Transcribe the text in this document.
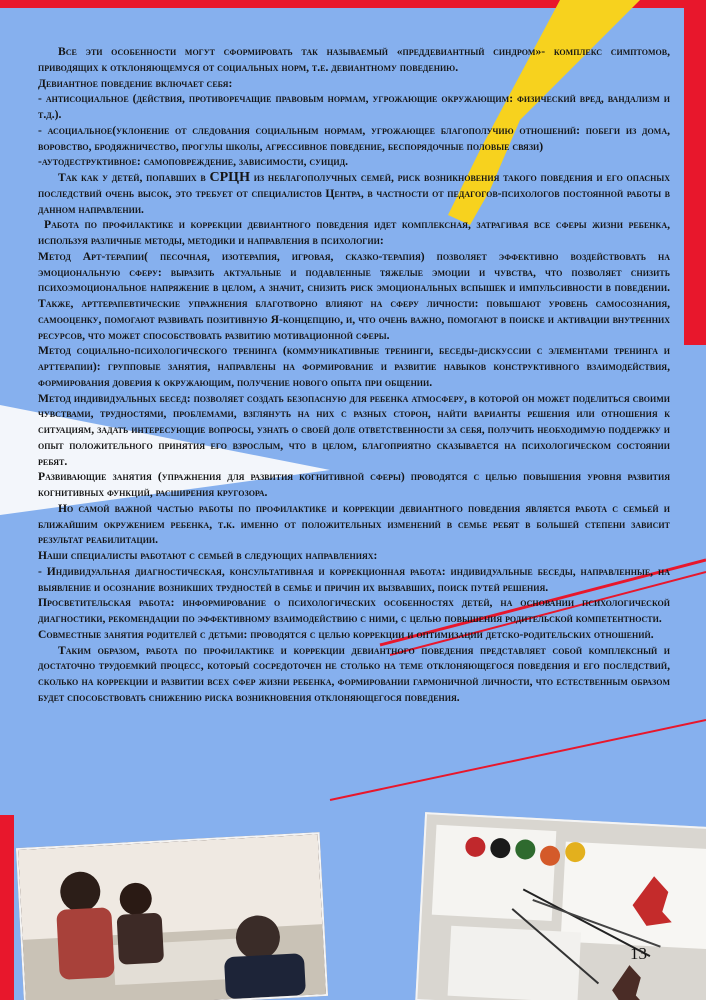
Все эти особенности могут сформировать так называемый «преддевиантный синдром»- комплекс симптомов, приводящих к отклоняющемуся от социальных норм, т.е. девиантному поведению.

Девиантное поведение включает себя:

- антисоциальное (действия, противоречащие правовым нормам, угрожающие окружающим: физический вред, вандализм и т.д.).

- асоциальное(уклонение от следования социальным нормам, угрожающее благополучию отношений: побеги из дома, воровство, бродяжничество, прогулы школы, агрессивное поведение, беспорядочные половые связи)

-аутодеструктивное: самоповреждение, зависимости, суицид.

Так как у детей, попавших в СРЦН из неблагополучных семей, риск возникновения такого поведения и его опасных последствий очень высок, это требует от специалистов Центра, в частности от педагогов-психологов постоянной работы в данном направлении.

Работа по профилактике и коррекции девиантного поведения идет комплексная, затрагивая все сферы жизни ребенка, используя различные методы, методики и направления в психологии:

Метод Арт-терапии( песочная, изотерапия, игровая, сказко-терапия) позволяет эффективно воздействовать на эмоциональную сферу: выразить актуальные и подавленные тяжелые эмоции и чувства, что позволяет снизить психоэмоциональное напряжение в целом, а значит, снизить риск эмоциональных вспышек и импульсивности в поведении. Также, арттерапевтические упражнения благотворно влияют на сферу личности: повышают уровень самосознания, самооценку, помогают развивать позитивную Я-концепцию, и, что очень важно, помогают в поиске и активации внутренних ресурсов, что может способствовать развитию мотивационной сферы.

Метод социально-психологического тренинга (коммуникативные тренинги, беседы-дискуссии с элементами тренинга и арттерапии): групповые занятия, направлены на формирование и развитие навыков конструктивного взаимодействия, формирования доверия к окружающим, получение нового опыта при общении.

Метод индивидуальных бесед: позволяет создать безопасную для ребенка атмосферу, в которой он может поделиться своими чувствами, трудностями, проблемами, взглянуть на них с разных сторон, найти варианты решения или отношения к ситуациям, задать интересующие вопросы, узнать о своей доле ответственности за себя, получить необходимую поддержку и опыт положительного принятия его взрослым, что в целом, благоприятно сказывается на психологическом состоянии ребят.

Развивающие занятия (упражнения для развития когнитивной сферы) проводятся с целью повышения уровня развития когнитивных функций, расширения кругозора.

Но самой важной частью работы по профилактике и коррекции девиантного поведения является работа с семьей и ближайшим окружением ребенка, т.к. именно от положительных изменений в семье ребят в большей степени зависит результат реабилитации.

Наши специалисты работают с семьей в следующих направлениях:

- Индивидуальная диагностическая, консультативная и коррекционная работа: индивидуальные беседы, направленные, на выявление и осознание возникших трудностей в семье и причин их вызвавших, поиск путей решения.

Просветительская работа: информирование о психологических особенностях детей, на основании психологической диагностики, рекомендации по эффективному взаимодействию с ними, с целью повышения родительской компетентности.

Совместные занятия родителей с детьми: проводятся с целью коррекции и оптимизации детско-родительских отношений.

Таким образом, работа по профилактике и коррекции девиантного поведения представляет собой комплексный и достаточно трудоемкий процесс, который сосредоточен не столько на теме отклоняющегося поведения и его последствий, сколько на коррекции и развитии всех сфер жизни ребенка, формировании гармоничной личности, что естественным образом будет способствовать снижению риска возникновения отклоняющегося поведения.

13
